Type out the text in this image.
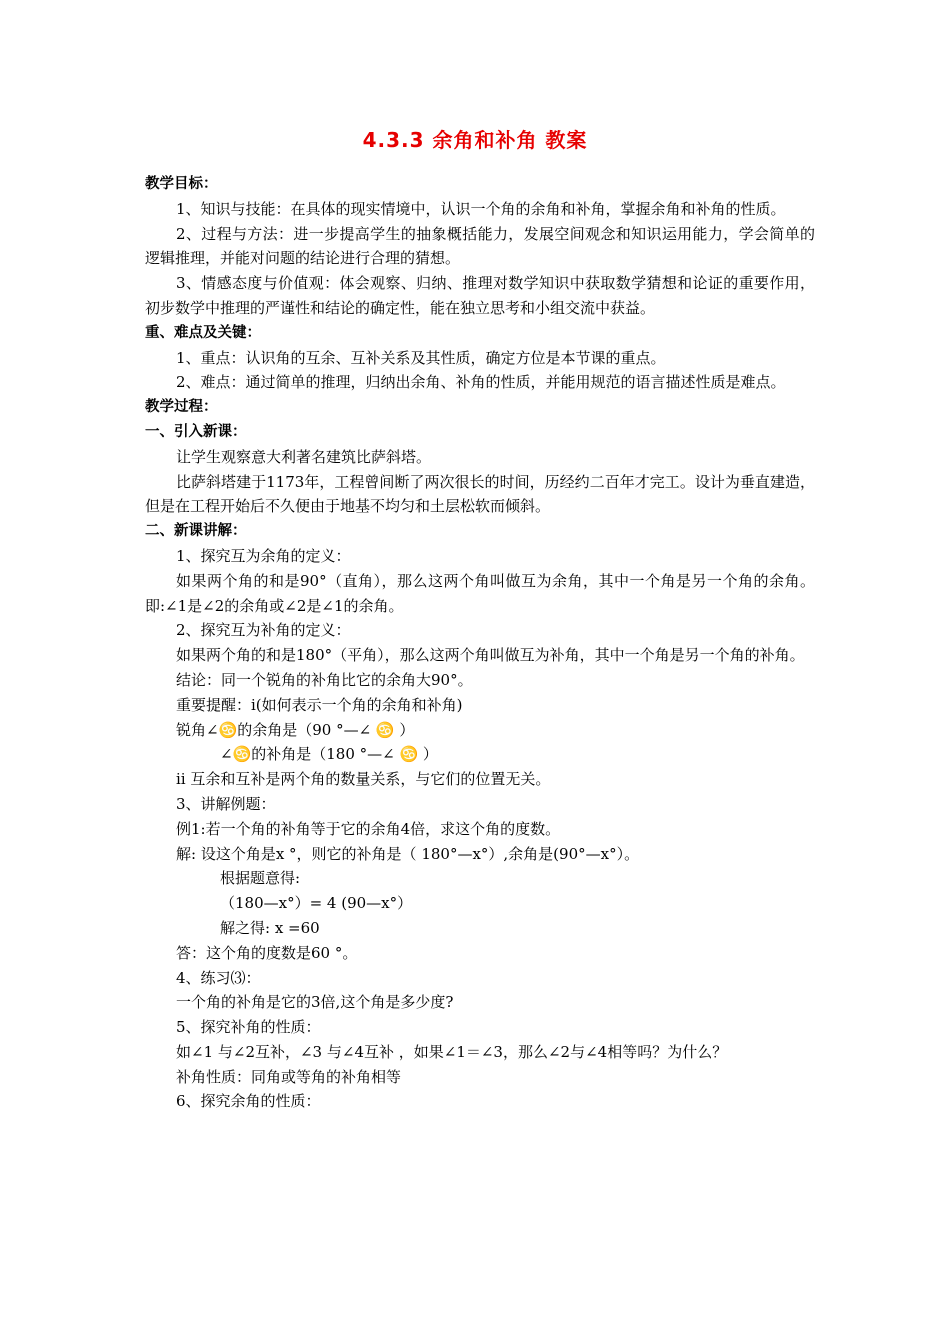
4.3.3 余角和补角 教案

教学目标：

1、知识与技能：在具体的现实情境中，认识一个角的余角和补角，掌握余角和补角的性质。

2、过程与方法：进一步提高学生的抽象概括能力，发展空间观念和知识运用能力，学会简单的逻辑推理，并能对问题的结论进行合理的猜想。

3、情感态度与价值观：体会观察、归纳、推理对数学知识中获取数学猜想和论证的重要作用，初步数学中推理的严谨性和结论的确定性，能在独立思考和小组交流中获益。

重、难点及关键：

1、重点：认识角的互余、互补关系及其性质，确定方位是本节课的重点。

2、难点：通过简单的推理，归纳出余角、补角的性质，并能用规范的语言描述性质是难点。

教学过程：

一、引入新课：

让学生观察意大利著名建筑比萨斜塔。

比萨斜塔建于1173年，工程曾间断了两次很长的时间，历经约二百年才完工。设计为垂直建造，但是在工程开始后不久便由于地基不均匀和土层松软而倾斜。

二、新课讲解：

1、探究互为余角的定义：

如果两个角的和是90°（直角），那么这两个角叫做互为余角，其中一个角是另一个角的余角。即:∠1是∠2的余角或∠2是∠1的余角。

2、探究互为补角的定义：

如果两个角的和是180°（平角），那么这两个角叫做互为补角，其中一个角是另一个角的补角。

结论：同一个锐角的补角比它的余角大90°。

重要提醒：ⅰ(如何表示一个角的余角和补角)

锐角∠♋的余角是（90 °—∠ ♋ ）

∠♋的补角是（180 °—∠ ♋ ）

ⅱ 互余和互补是两个角的数量关系，与它们的位置无关。

3、讲解例题：

例1:若一个角的补角等于它的余角4倍，求这个角的度数。

解: 设这个角是x °，则它的补角是（ 180°—x°）,余角是(90°—x°）。

根据题意得:

（180—x°）= 4 (90—x°）

解之得: x =60

答：这个角的度数是60 °。

4、练习⑶：

一个角的补角是它的3倍,这个角是多少度?

5、探究补角的性质：

如∠1 与∠2互补，∠3 与∠4互补 ，如果∠1＝∠3，那么∠2与∠4相等吗？为什么？

补角性质：同角或等角的补角相等

6、探究余角的性质：
